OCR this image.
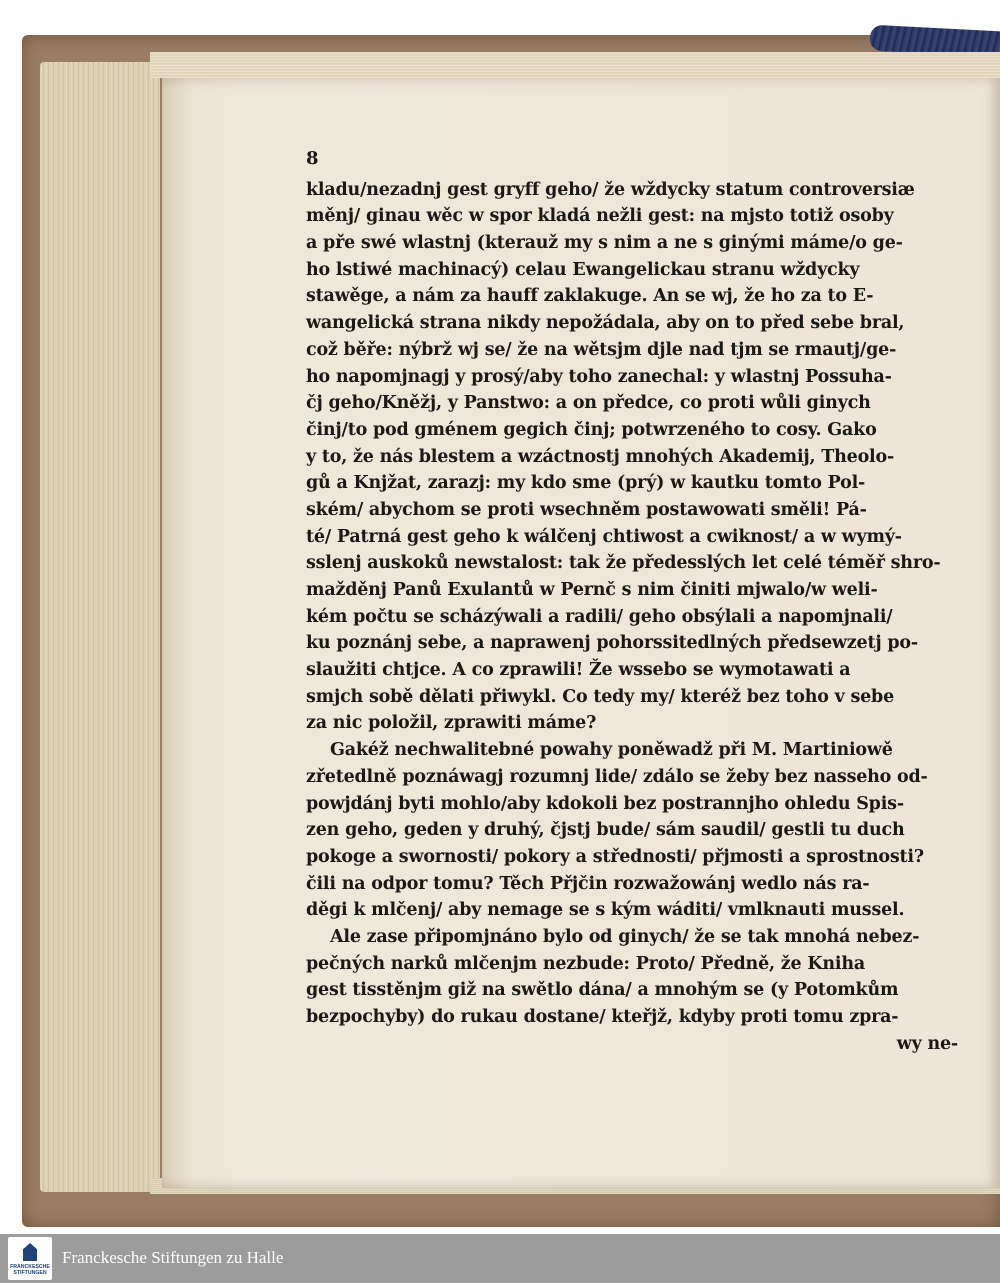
8
kladu/nezadnj gest gryff geho/ že wždycky statum controversiæ
měnj/ ginau wěc w spor kladá nežli gest: na mjsto totiž osoby
a pře swé wlastnj (kterauž my s nim a ne s ginými máme/o ge-
ho lstiwé machinacý) celau Ewangelickau stranu wždycky
stawěge, a nám za hauff zaklakuge. An se wj, že ho za to E-
wangelická strana nikdy nepožádala, aby on to před sebe bral,
což běře: nýbrž wj se/ že na wětsjm djle nad tjm se rmautj/ge-
ho napomjnagj y prosý/aby toho zanechal: y wlastnj Possuha-
čj geho/Kněžj, y Panstwo: a on předce, co proti wůli ginych
činj/to pod gménem gegich činj; potwrzeného to cosy. Gako
y to, že nás blestem a wzáctnostj mnohých Akademij, Theolo-
gů a Knjžat, zarazj: my kdo sme (prý) w kautku tomto Pol-
ském/ abychom se proti wsechněm postawowati směli! Pá-
té/ Patrná gest geho k wálčenj chtiwost a cwiknost/ a w wymý-
sslenj auskoků newstalost: tak že předesslých let celé téměř shro-
mažděnj Panů Exulantů w Pernč s nim činiti mjwalo/w weli-
kém počtu se scházýwali a radili/ geho obsýlali a napomjnali/
ku poznánj sebe, a naprawenj pohorssitedlných předsewzetj po-
slaužiti chtjce. A co zprawili! Že wssebo se wymotawati a
smjch sobě dělati přiwykl. Co tedy my/ kteréž bez toho v sebe
za nic položil, zprawiti máme?
Gakéž nechwalitebné powahy poněwadž při M. Martiniowě
zřetedlně poznáwagj rozumnj lide/ zdálo se žeby bez nasseho od-
powjdánj byti mohlo/aby kdokoli bez postrannjho ohledu Spis-
zen geho, geden y druhý, čjstj bude/ sám saudil/ gestli tu duch
pokoge a swornosti/ pokory a střednosti/ přjmosti a sprostnosti?
čili na odpor tomu? Těch Přjčin rozwažowánj wedlo nás ra-
děgi k mlčenj/ aby nemage se s kým wáditi/ vmlknauti mussel.
Ale zase připomjnáno bylo od ginych/ že se tak mnohá nebez-
pečných narků mlčenjm nezbude: Proto/ Předně, že Kniha
gest tisstěnjm giž na swětlo dána/ a mnohým se (y Potomkům
bezpochyby) do rukau dostane/ kteřjž, kdyby proti tomu zpra-
wy ne-
FRANCKESCHE
STIFTUNGEN
Franckesche Stiftungen zu Halle
